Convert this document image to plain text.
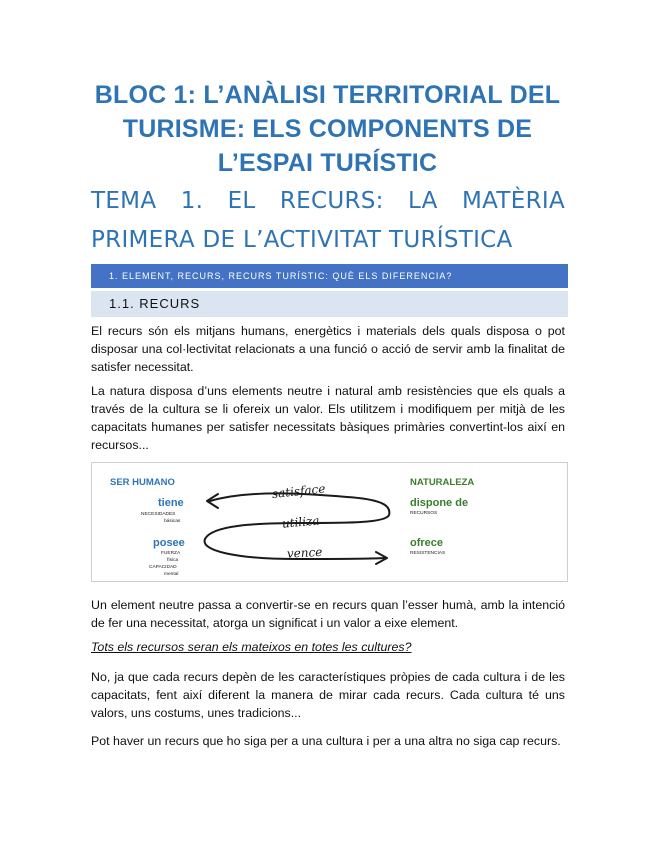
BLOC 1: L’ANÀLISI TERRITORIAL DEL
TURISME: ELS COMPONENTS DE
L’ESPAI TURÍSTIC
TEMA 1. EL RECURS: LA MATÈRIA PRIMERA DE L’ACTIVITAT TURÍSTICA
1. ELEMENT, RECURS, RECURS TURÍSTIC: QUÈ ELS DIFERENCIA?
1.1. RECURS

El recurs són els mitjans humans, energètics i materials dels quals disposa o pot disposar una col·lectivitat relacionats a una funció o acció de servir amb la finalitat de satisfer necessitat.

La natura disposa d’uns elements neutre i natural amb resistències que els quals a través de la cultura se li ofereix un valor. Els utilitzem i modifiquem per mitjà de les capacitats humanes per satisfer necessitats bàsiques primàries convertint-los així en recursos...

SER HUMANO
tiene
NECESIDADES
básicas
posee
FUERZA
física
CAPACIDAD
mental
NATURALEZA
dispone de
RECURSOS
ofrece
RESISTENCIAS
satisface
utiliza
vence

Un element neutre passa a convertir-se en recurs quan l’esser humà, amb la intenció de fer una necessitat, atorga un significat i un valor a eixe element.

Tots els recursos seran els mateixos en totes les cultures?

No, ja que cada recurs depèn de les característiques pròpies de cada cultura i de les capacitats, fent així diferent la manera de mirar cada recurs. Cada cultura té uns valors, uns costums, unes tradicions...

Pot haver un recurs que ho siga per a una cultura i per a una altra no siga cap recurs.
